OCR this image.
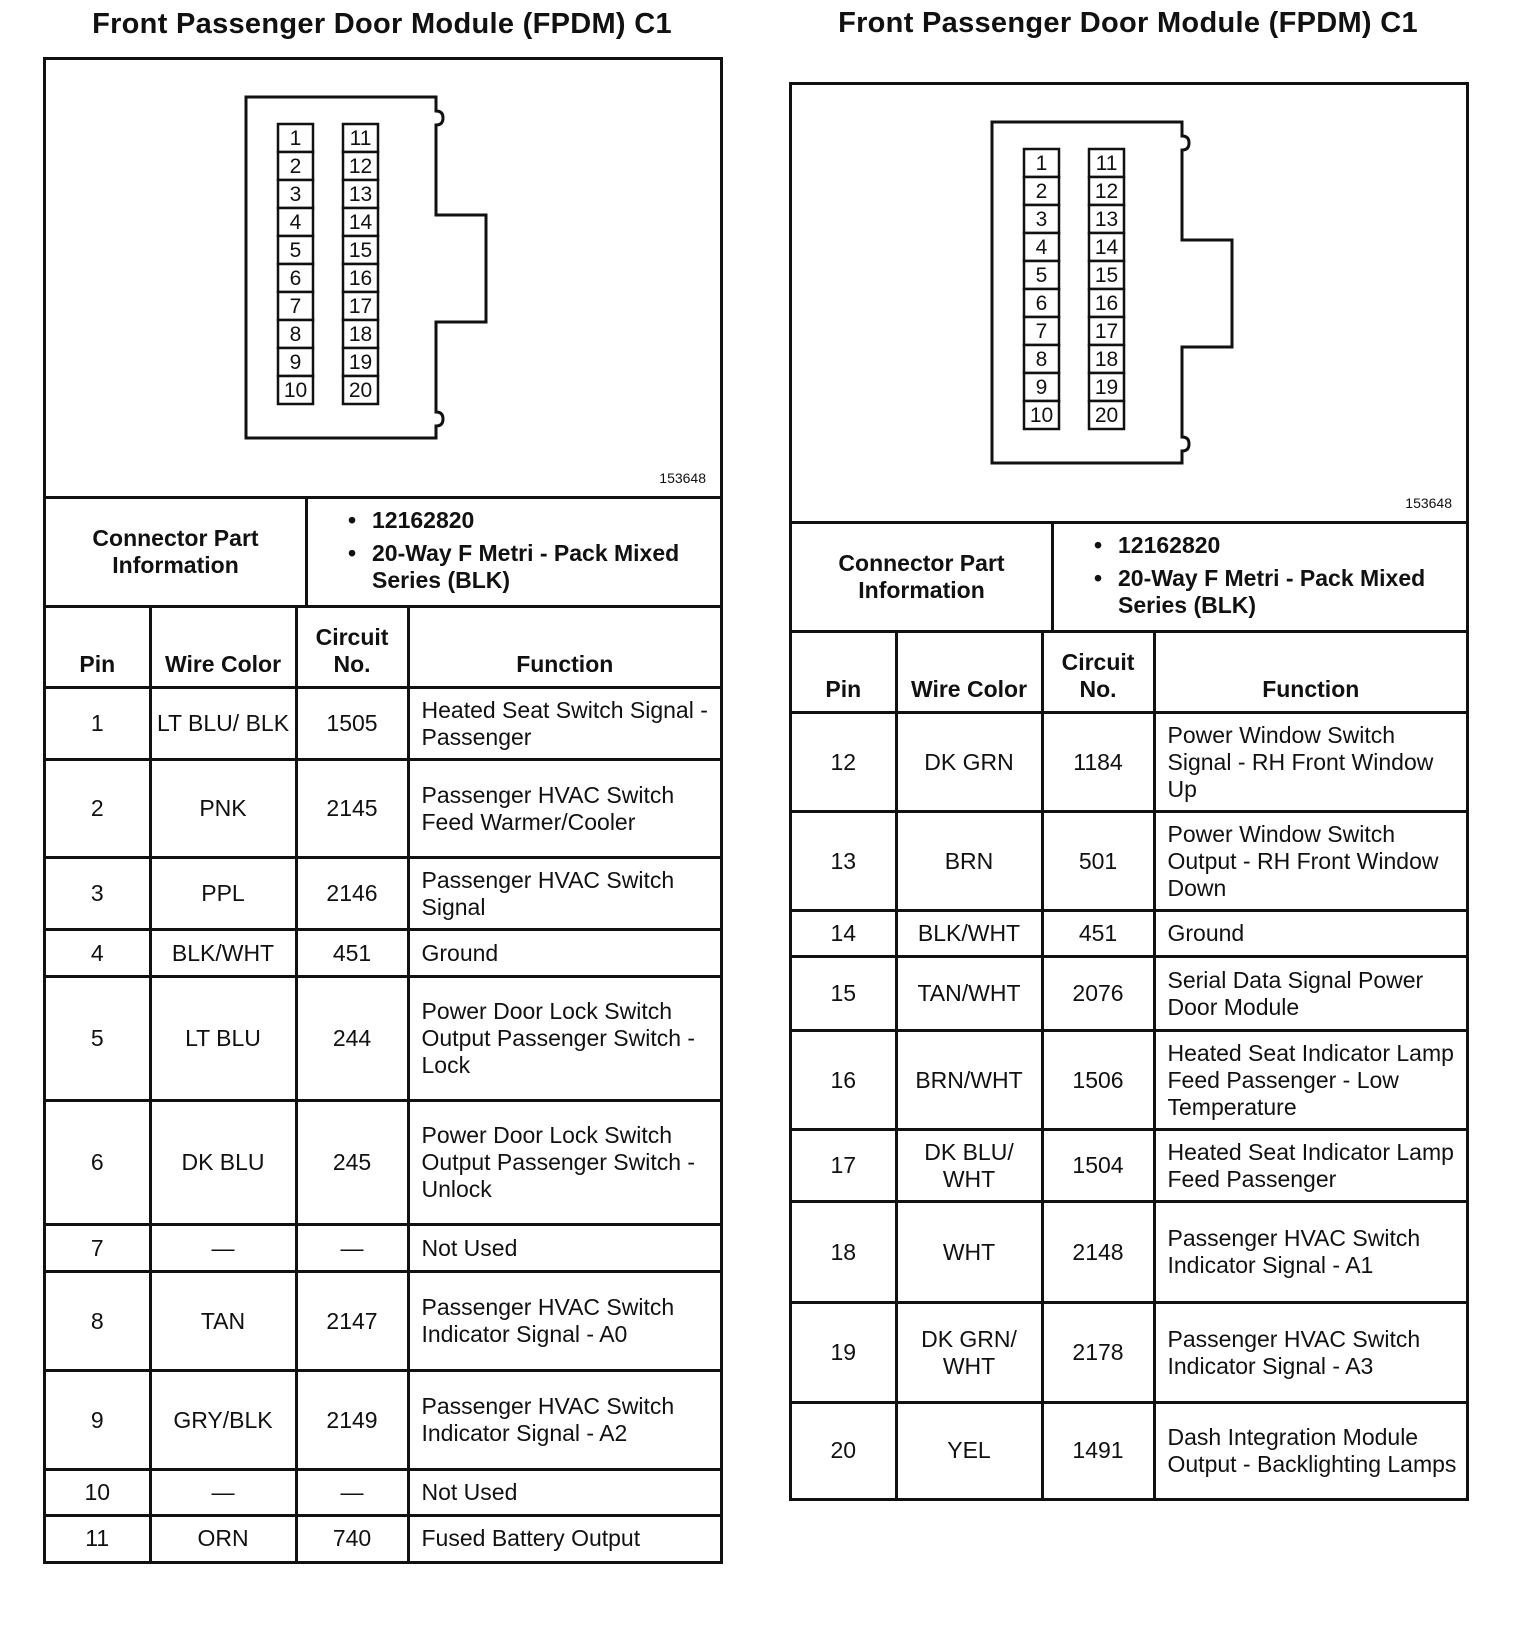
Front Passenger Door Module (FPDM) C1
1
2
3
4
5
6
7
8
9
10
11
12
13
14
15
16
17
18
19
20
153648
Connector Part Information
• 12162820
• 20-Way F Metri - Pack Mixed Series (BLK)
Pin	Wire Color	Circuit No.	Function
1	LT BLU/ BLK	1505	Heated Seat Switch Signal - Passenger
2	PNK	2145	Passenger HVAC Switch Feed Warmer/Cooler
3	PPL	2146	Passenger HVAC Switch Signal
4	BLK/WHT	451	Ground
5	LT BLU	244	Power Door Lock Switch Output Passenger Switch - Lock
6	DK BLU	245	Power Door Lock Switch Output Passenger Switch - Unlock
7	—	—	Not Used
8	TAN	2147	Passenger HVAC Switch Indicator Signal - A0
9	GRY/BLK	2149	Passenger HVAC Switch Indicator Signal - A2
10	—	—	Not Used
11	ORN	740	Fused Battery Output
Front Passenger Door Module (FPDM) C1
1
2
3
4
5
6
7
8
9
10
11
12
13
14
15
16
17
18
19
20
153648
Connector Part Information
• 12162820
• 20-Way F Metri - Pack Mixed Series (BLK)
Pin	Wire Color	Circuit No.	Function
12	DK GRN	1184	Power Window Switch Signal - RH Front Window Up
13	BRN	501	Power Window Switch Output - RH Front Window Down
14	BLK/WHT	451	Ground
15	TAN/WHT	2076	Serial Data Signal Power Door Module
16	BRN/WHT	1506	Heated Seat Indicator Lamp Feed Passenger - Low Temperature
17	DK BLU/ WHT	1504	Heated Seat Indicator Lamp Feed Passenger
18	WHT	2148	Passenger HVAC Switch Indicator Signal - A1
19	DK GRN/ WHT	2178	Passenger HVAC Switch Indicator Signal - A3
20	YEL	1491	Dash Integration Module Output - Backlighting Lamps
